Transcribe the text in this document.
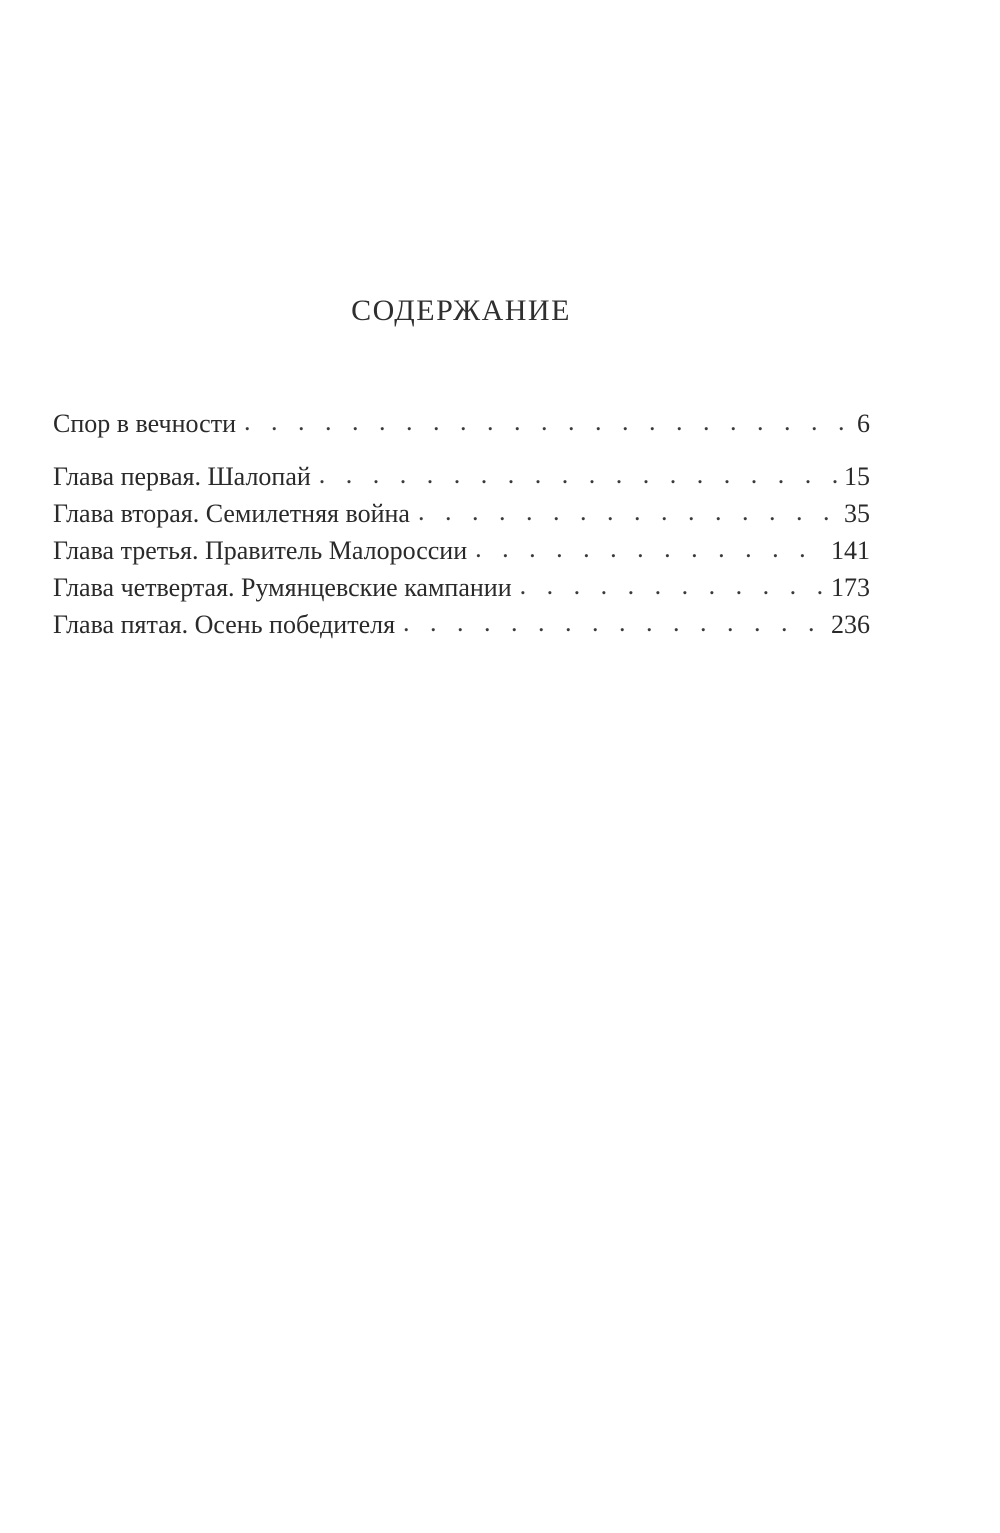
СОДЕРЖАНИЕ
Спор в вечности . . .	6
Глава первая. Шалопай . . .	15
Глава вторая. Семилетняя война . . .	35
Глава третья. Правитель Малороссии . . .	141
Глава четвертая. Румянцевские кампании . . .	173
Глава пятая. Осень победителя . . .	236
